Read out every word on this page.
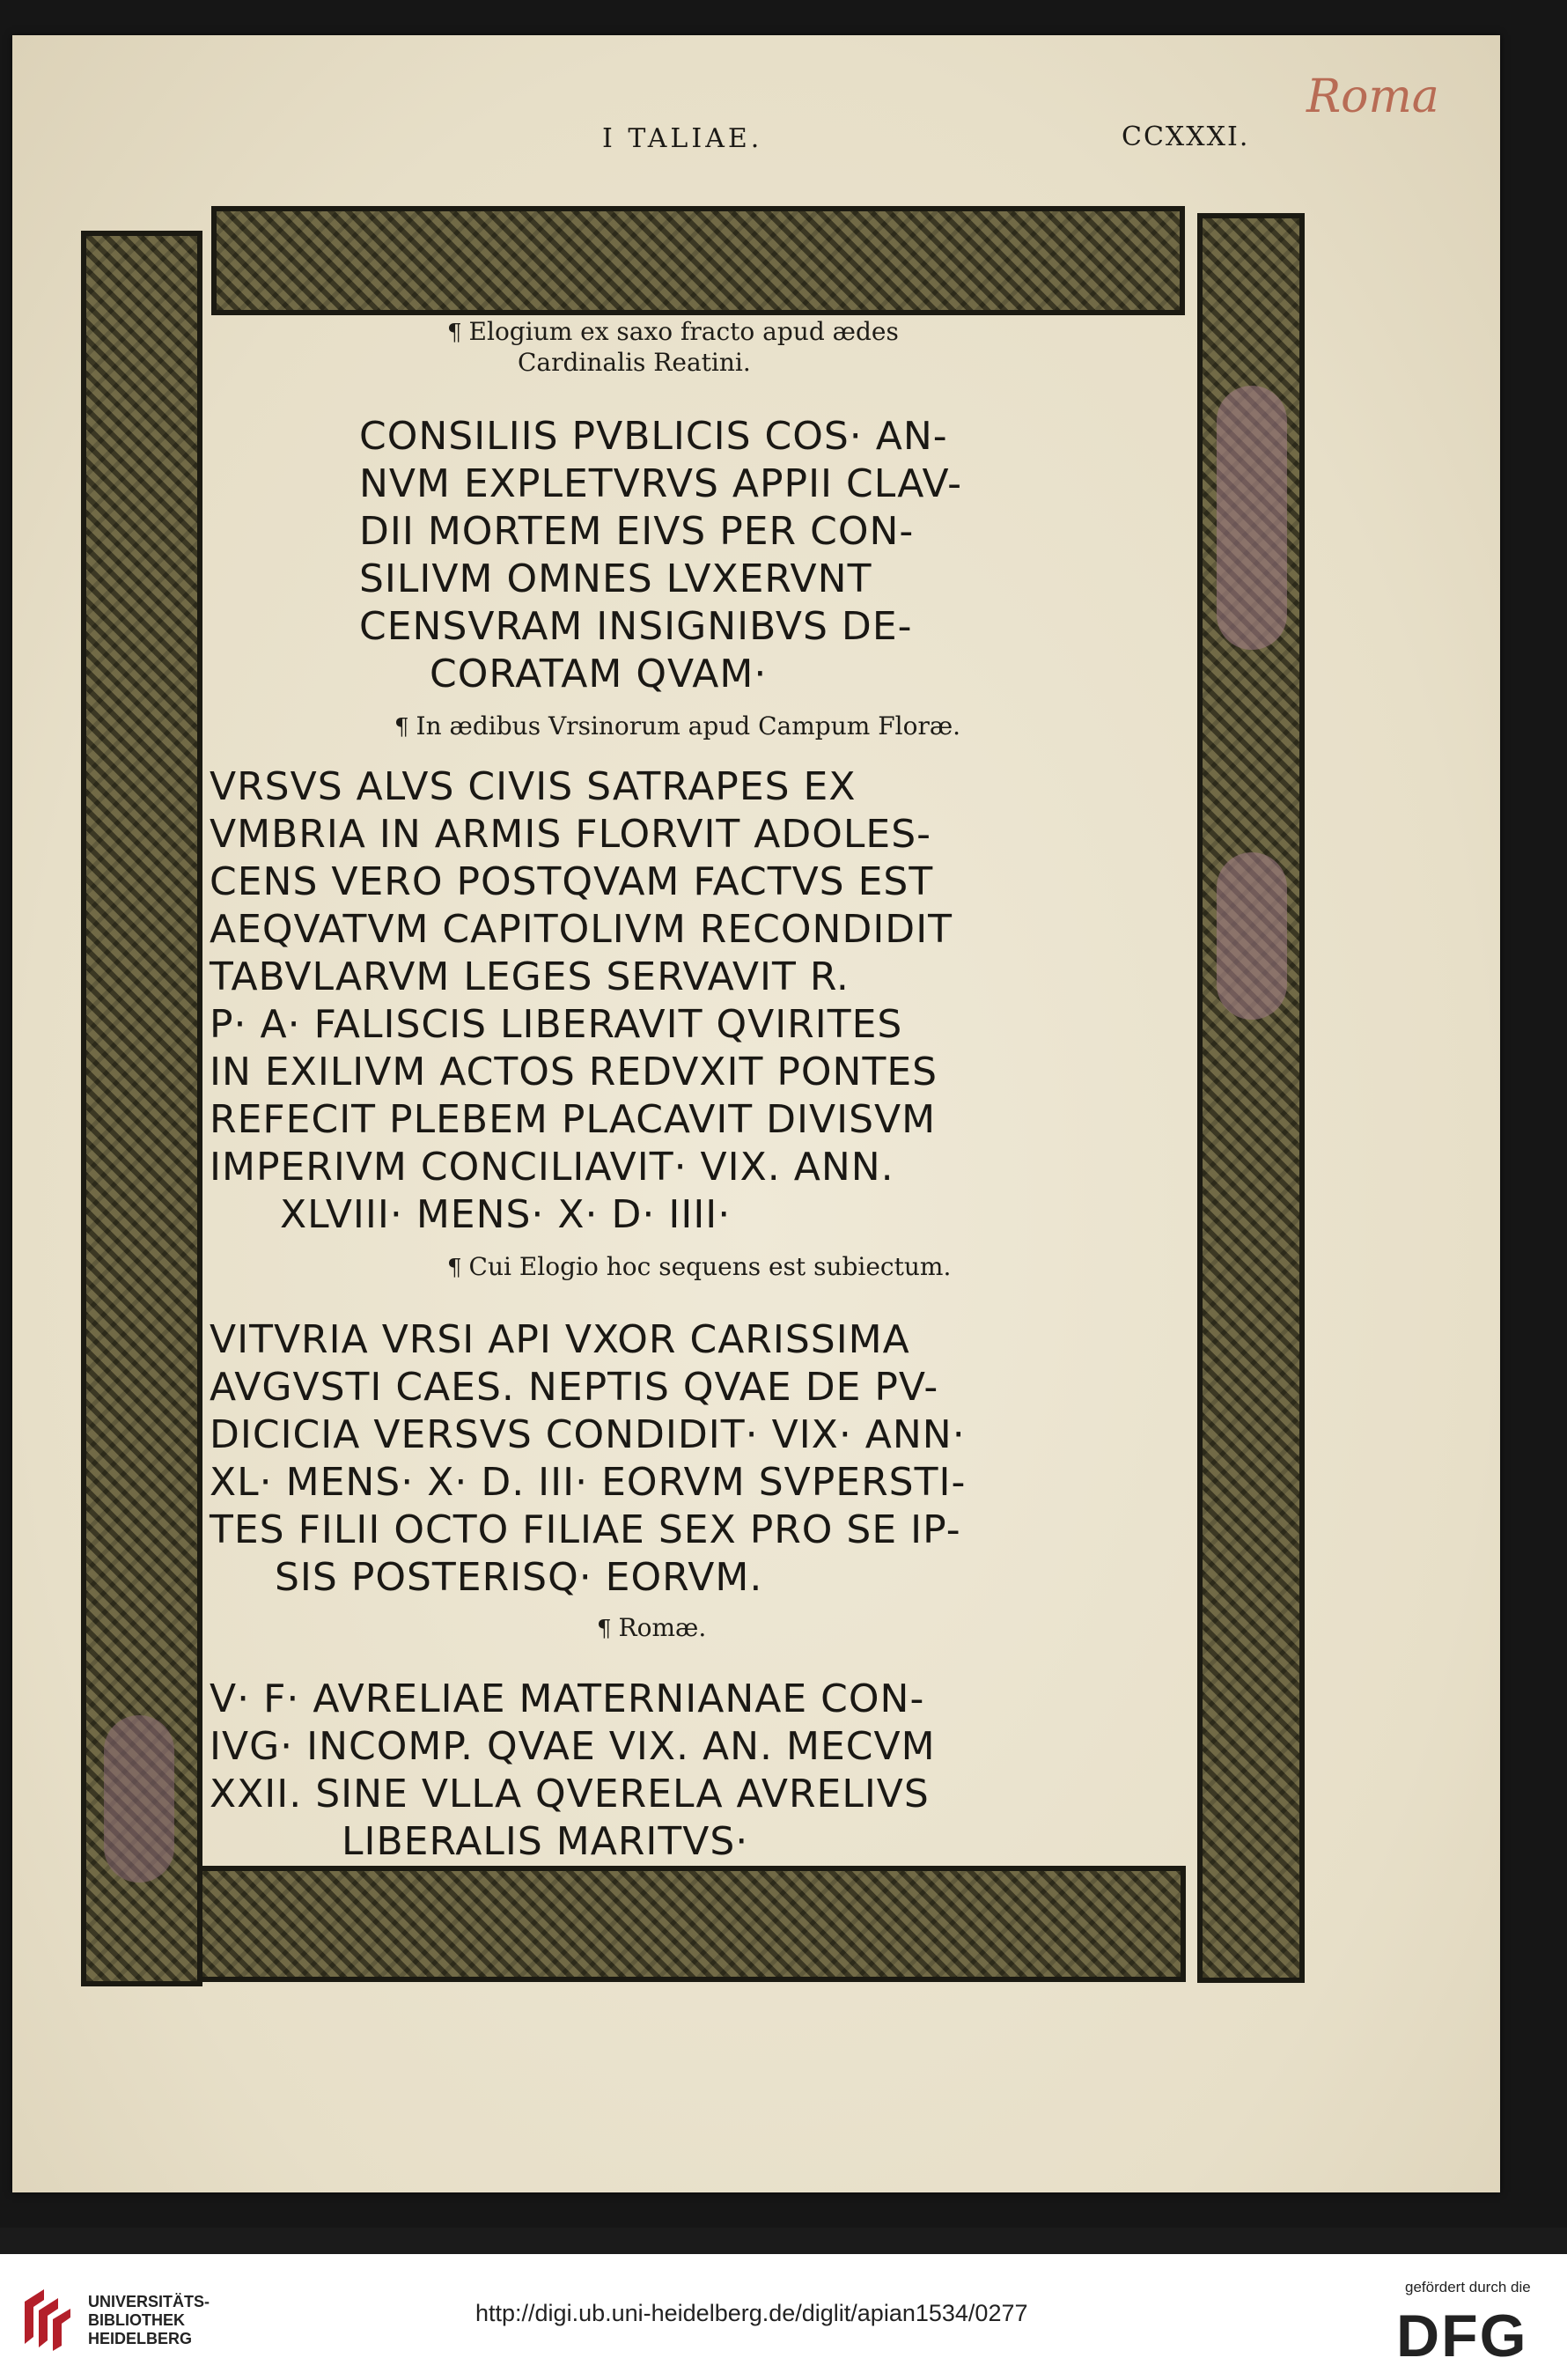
Roma
I TALIAE.	CCXXXI.
¶ Elogium ex saxo fracto apud ædes
Cardinalis Reatini.
CONSILIIS PVBLICIS COS· AN-
NVM EXPLETVRVS APPII CLAV-
DII MORTEM EIVS PER CON-
SILIVM OMNES LVXERVNT
CENSVRAM INSIGNIBVS DE-
CORATAM QVAM·
¶ In ædibus Vrsinorum apud Campum Floræ.
VRSVS ALVS CIVIS SATRAPES EX
VMBRIA IN ARMIS FLORVIT ADOLES-
CENS VERO POSTQVAM FACTVS EST
AEQVATVM CAPITOLIVM RECONDIDIT
TABVLARVM LEGES SERVAVIT R.
P· A· FALISCIS LIBERAVIT QVIRITES
IN EXILIVM ACTOS REDVXIT PONTES
REFECIT PLEBEM PLACAVIT DIVISVM
IMPERIVM CONCILIAVIT· VIX. ANN.
XLVIII· MENS· X· D· IIII·
¶ Cui Elogio hoc sequens est subiectum.
VITVRIA VRSI API VXOR CARISSIMA
AVGVSTI CAES. NEPTIS QVAE DE PV-
DICICIA VERSVS CONDIDIT· VIX· ANN·
XL· MENS· X· D. III· EORVM SVPERSTI-
TES FILII OCTO FILIAE SEX PRO SE IP-
SIS POSTERISQ· EORVM.
¶ Romæ.
V· F· AVRELIAE MATERNIANAE CON-
IVG· INCOMP. QVAE VIX. AN. MECVM
XXII. SINE VLLA QVERELA AVRELIVS
LIBERALIS MARITVS·
UNIVERSITÄTS-
BIBLIOTHEK
HEIDELBERG
http://digi.ub.uni-heidelberg.de/diglit/apian1534/0277
gefördert durch die
DFG
